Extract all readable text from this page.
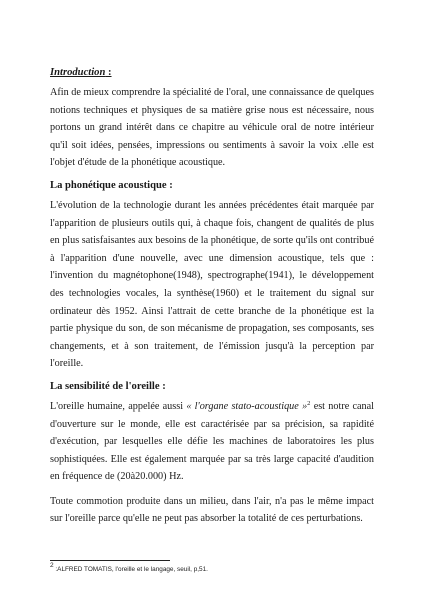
Introduction :

Afin de mieux comprendre la spécialité de l'oral, une connaissance de quelques notions techniques et physiques de sa matière grise nous est nécessaire, nous portons un grand intérêt dans ce chapitre au véhicule oral de notre intérieur qu'il soit idées, pensées, impressions ou sentiments à savoir la voix .elle est l'objet d'étude de la phonétique acoustique.

La phonétique acoustique :

L'évolution de la technologie durant les années précédentes était marquée par l'apparition de plusieurs outils qui, à chaque fois, changent de qualités de plus en plus satisfaisantes aux besoins de la phonétique, de sorte qu'ils ont contribué à l'apparition d'une nouvelle, avec une dimension acoustique, tels que : l'invention du magnétophone(1948), spectrographe(1941), le développement des technologies vocales, la synthèse(1960) et le traitement du signal sur ordinateur dès 1952. Ainsi l'attrait de cette branche de la phonétique est la partie physique du son, de son mécanisme de propagation, ses composants, ses changements, et à son traitement, de l'émission jusqu'à la perception par l'oreille.

La sensibilité de l'oreille :

L'oreille humaine, appelée aussi « l'organe stato-acoustique »$^2$ est notre canal d'ouverture sur le monde, elle est caractérisée par sa précision, sa rapidité d'exécution, par lesquelles elle défie les machines de laboratoires les plus sophistiquées. Elle est également marquée par sa très large capacité d'audition en fréquence de (20à20.000) Hz.

Toute commotion produite dans un milieu, dans l'air, n'a pas le même impact sur l'oreille parce qu'elle ne peut pas absorber la totalité de ces perturbations.

$^2$ :ALFRED TOMATIS, l'oreille et le langage, seuil, p,51.
